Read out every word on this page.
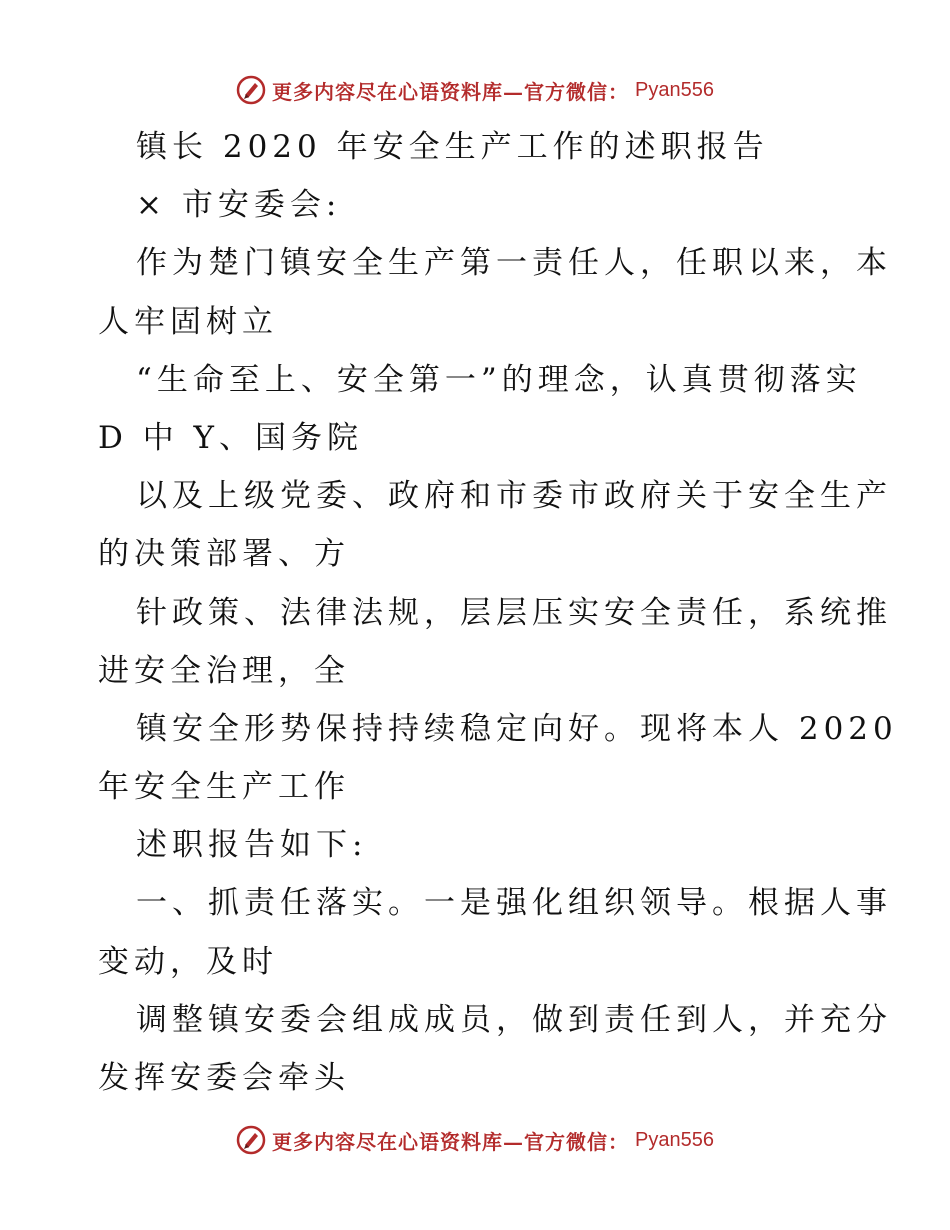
更多内容尽在心语资料库—官方微信： Pyan556
镇长 2020 年安全生产工作的述职报告
× 市安委会:
作为楚门镇安全生产第一责任人，任职以来，本
人牢固树立
“生命至上、安全第一”的理念，认真贯彻落实
D 中 Y、国务院
以及上级党委、政府和市委市政府关于安全生产
的决策部署、方
针政策、法律法规，层层压实安全责任，系统推
进安全治理，全
镇安全形势保持持续稳定向好。现将本人 2020
年安全生产工作
述职报告如下:
一、抓责任落实。一是强化组织领导。根据人事
变动，及时
调整镇安委会组成成员，做到责任到人，并充分
发挥安委会牵头
更多内容尽在心语资料库—官方微信： Pyan556
